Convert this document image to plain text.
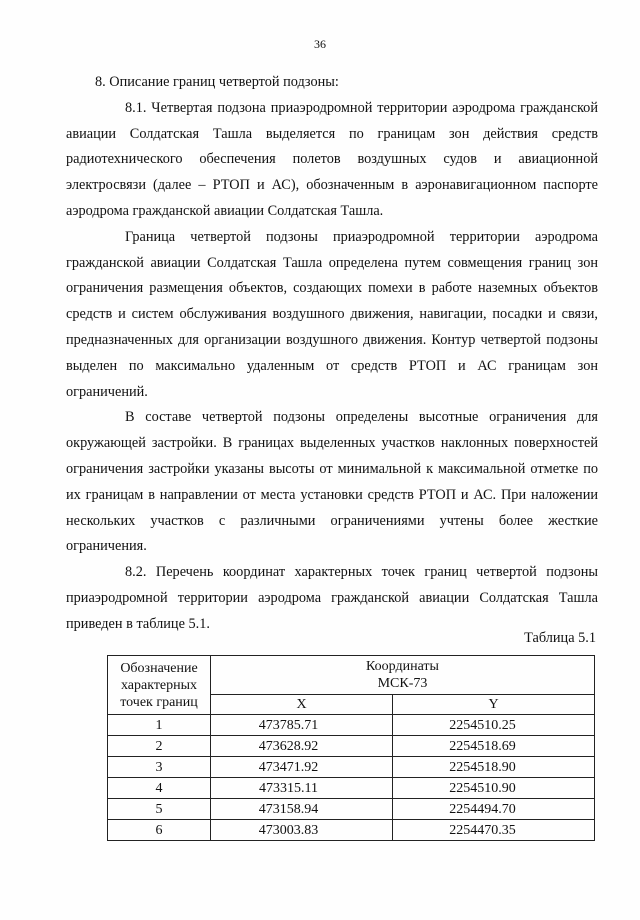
36

8. Описание границ четвертой подзоны:

8.1. Четвертая подзона приаэродромной территории аэродрома гражданской
авиации Солдатская Ташла выделяется по границам зон действия средств
радиотехнического обеспечения полетов воздушных судов и авиационной
электросвязи (далее – РТОП и АС), обозначенным в аэронавигационном паспорте
аэродрома гражданской авиации Солдатская Ташла.

Граница четвертой подзоны приаэродромной территории аэродрома
гражданской авиации Солдатская Ташла определена путем совмещения границ зон
ограничения размещения объектов, создающих помехи в работе наземных объектов
средств и систем обслуживания воздушного движения, навигации, посадки и связи,
предназначенных для организации воздушного движения. Контур четвертой подзоны
выделен по максимально удаленным от средств РТОП и АС границам зон
ограничений.

В составе четвертой подзоны определены высотные ограничения для
окружающей застройки. В границах выделенных участков наклонных поверхностей
ограничения застройки указаны высоты от минимальной к максимальной отметке по
их границам в направлении от места установки средств РТОП и АС. При наложении
нескольких участков с различными ограничениями учтены более жесткие
ограничения.

8.2. Перечень координат характерных точек границ четвертой подзоны
приаэродромной территории аэродрома гражданской авиации Солдатская Ташла
приведен в таблице 5.1.

Таблица 5.1
Обозначение
характерных
точек границ	Координаты
МСК-73	

	X	Y
1	473785.71	2254510.25
2	473628.92	2254518.69
3	473471.92	2254518.90
4	473315.11	2254510.90
5	473158.94	2254494.70
6	473003.83	2254470.35
